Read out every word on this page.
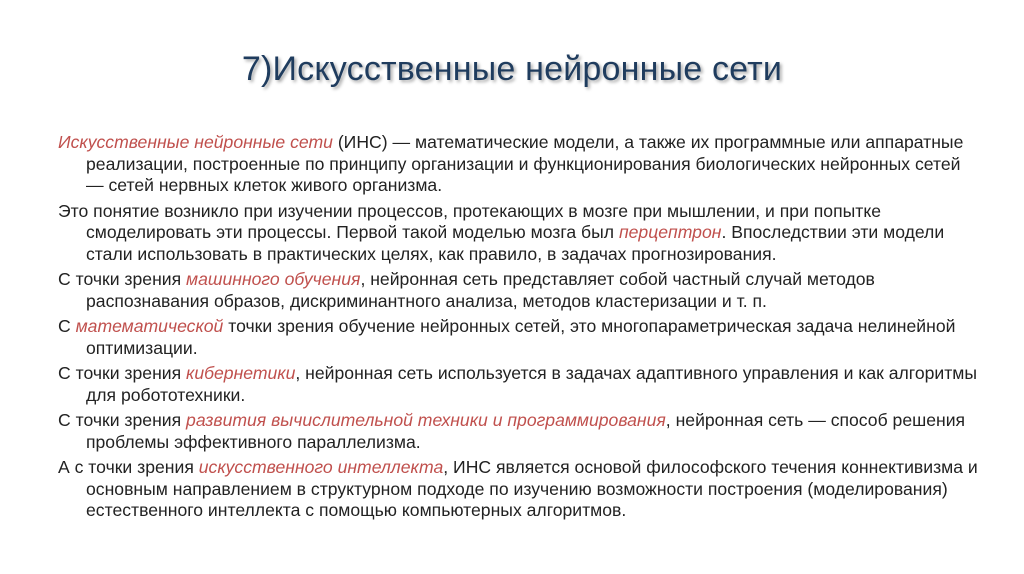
7)Искусственные нейронные сети
Искусственные нейронные сети (ИНС) — математические модели, а также их программные или аппаратные реализации, построенные по принципу организации и функционирования биологических нейронных сетей — сетей нервных клеток живого организма.
Это понятие возникло при изучении процессов, протекающих в мозге при мышлении, и при попытке смоделировать эти процессы. Первой такой моделью мозга был перцептрон. Впоследствии эти модели стали использовать в практических целях, как правило, в задачах прогнозирования.
С точки зрения машинного обучения, нейронная сеть представляет собой частный случай методов распознавания образов, дискриминантного анализа, методов кластеризации и т. п.
С математической точки зрения обучение нейронных сетей, это многопараметрическая задача нелинейной оптимизации.
С точки зрения кибернетики, нейронная сеть используется в задачах адаптивного управления и как алгоритмы для робототехники.
С точки зрения развития вычислительной техники и программирования, нейронная сеть — способ решения проблемы эффективного параллелизма.
А с точки зрения искусственного интеллекта, ИНС является основой философского течения коннективизма и основным направлением в структурном подходе по изучению возможности построения (моделирования) естественного интеллекта с помощью компьютерных алгоритмов.
